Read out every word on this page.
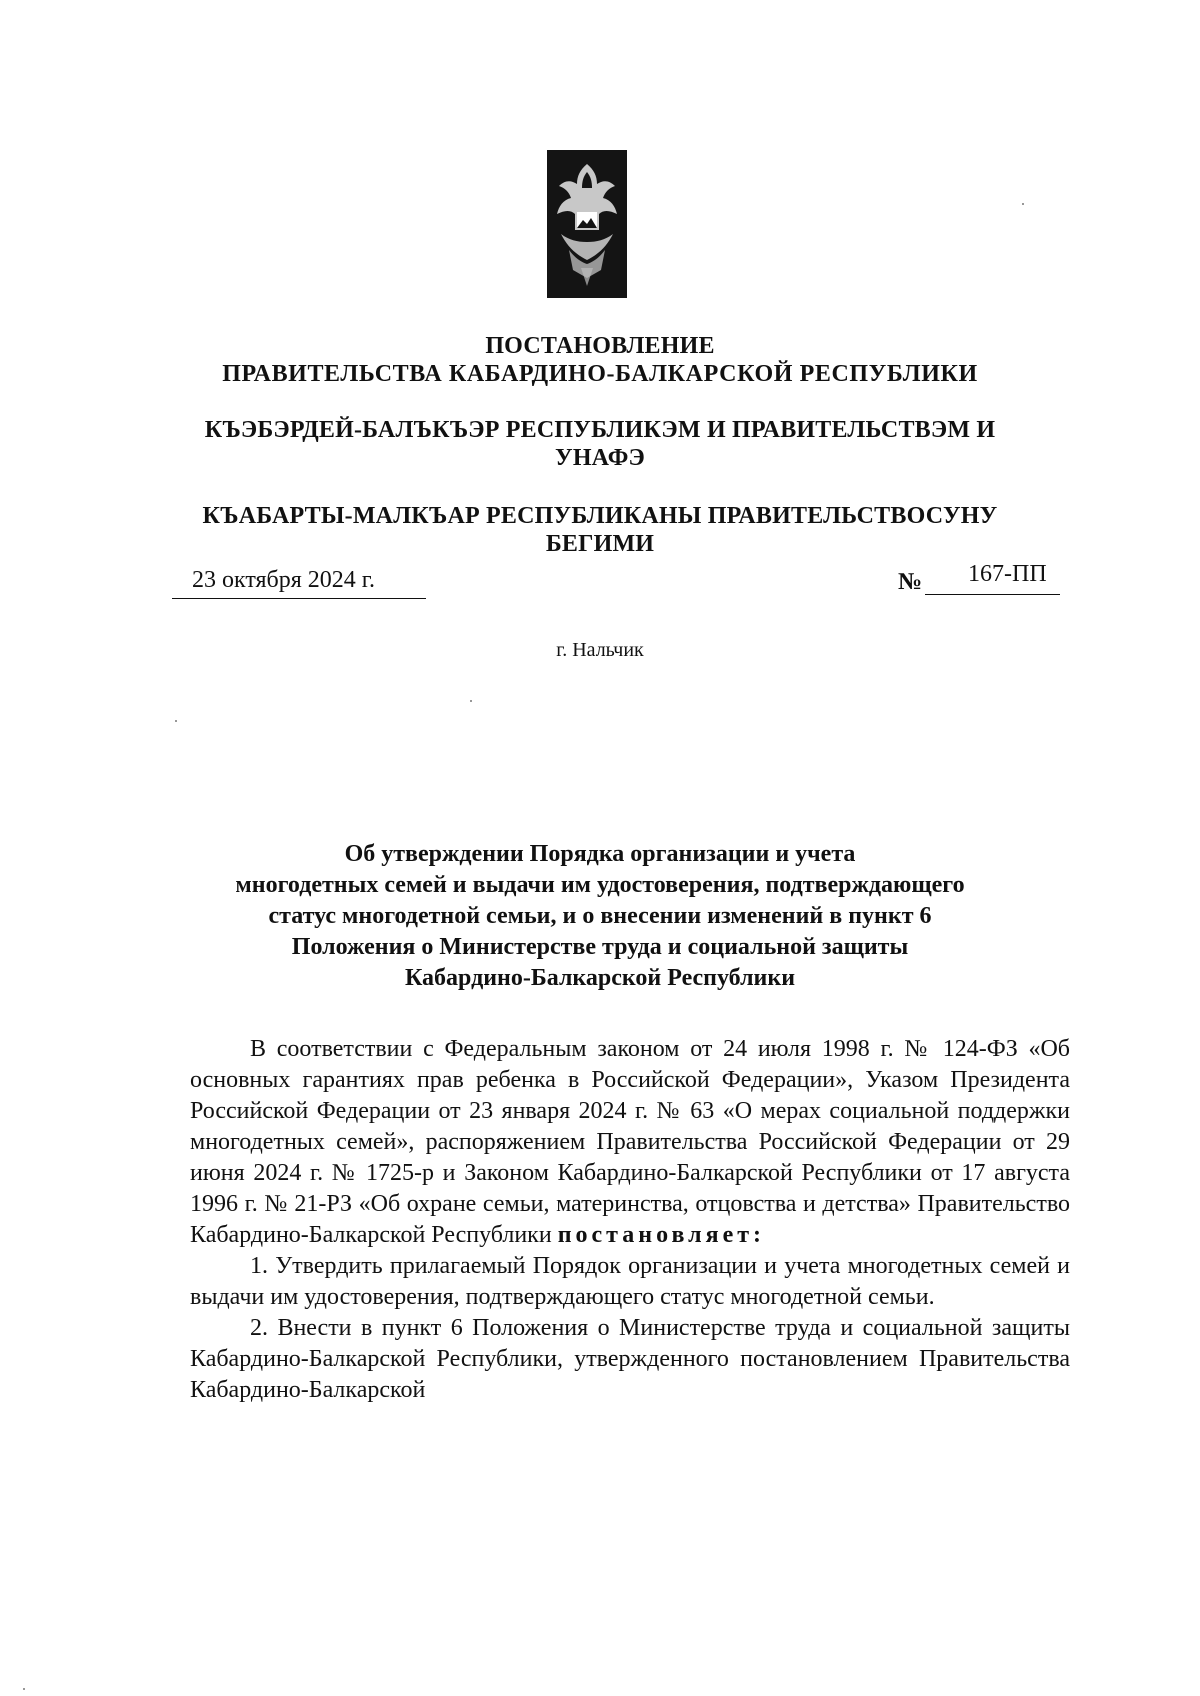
ПОСТАНОВЛЕНИЕ
ПРАВИТЕЛЬСТВА КАБАРДИНО-БАЛКАРСКОЙ РЕСПУБЛИКИ
КЪЭБЭРДЕЙ-БАЛЪКЪЭР РЕСПУБЛИКЭМ И ПРАВИТЕЛЬСТВЭМ И
УНАФЭ
КЪАБАРТЫ-МАЛКЪАР РЕСПУБЛИКАНЫ ПРАВИТЕЛЬСТВОСУНУ
БЕГИМИ
23 октября 2024 г.	№ 167-ПП
г. Нальчик
Об утверждении Порядка организации и учета
многодетных семей и выдачи им удостоверения, подтверждающего
статус многодетной семьи, и о внесении изменений в пункт 6
Положения о Министерстве труда и социальной защиты
Кабардино-Балкарской Республики

В соответствии с Федеральным законом от 24 июля 1998 г. № 124-ФЗ «Об основных гарантиях прав ребенка в Российской Федерации», Указом Президента Российской Федерации от 23 января 2024 г. № 63 «О мерах социальной поддержки многодетных семей», распоряжением Правительства Российской Федерации от 29 июня 2024 г. № 1725-р и Законом Кабардино-Балкарской Республики от 17 августа 1996 г. № 21-РЗ «Об охране семьи, материнства, отцовства и детства» Правительство Кабардино-Балкарской Республики постановляет:

1. Утвердить прилагаемый Порядок организации и учета многодетных семей и выдачи им удостоверения, подтверждающего статус многодетной семьи.

2. Внести в пункт 6 Положения о Министерстве труда и социальной защиты Кабардино-Балкарской Республики, утвержденного постановлением Правительства Кабардино-Балкарской
